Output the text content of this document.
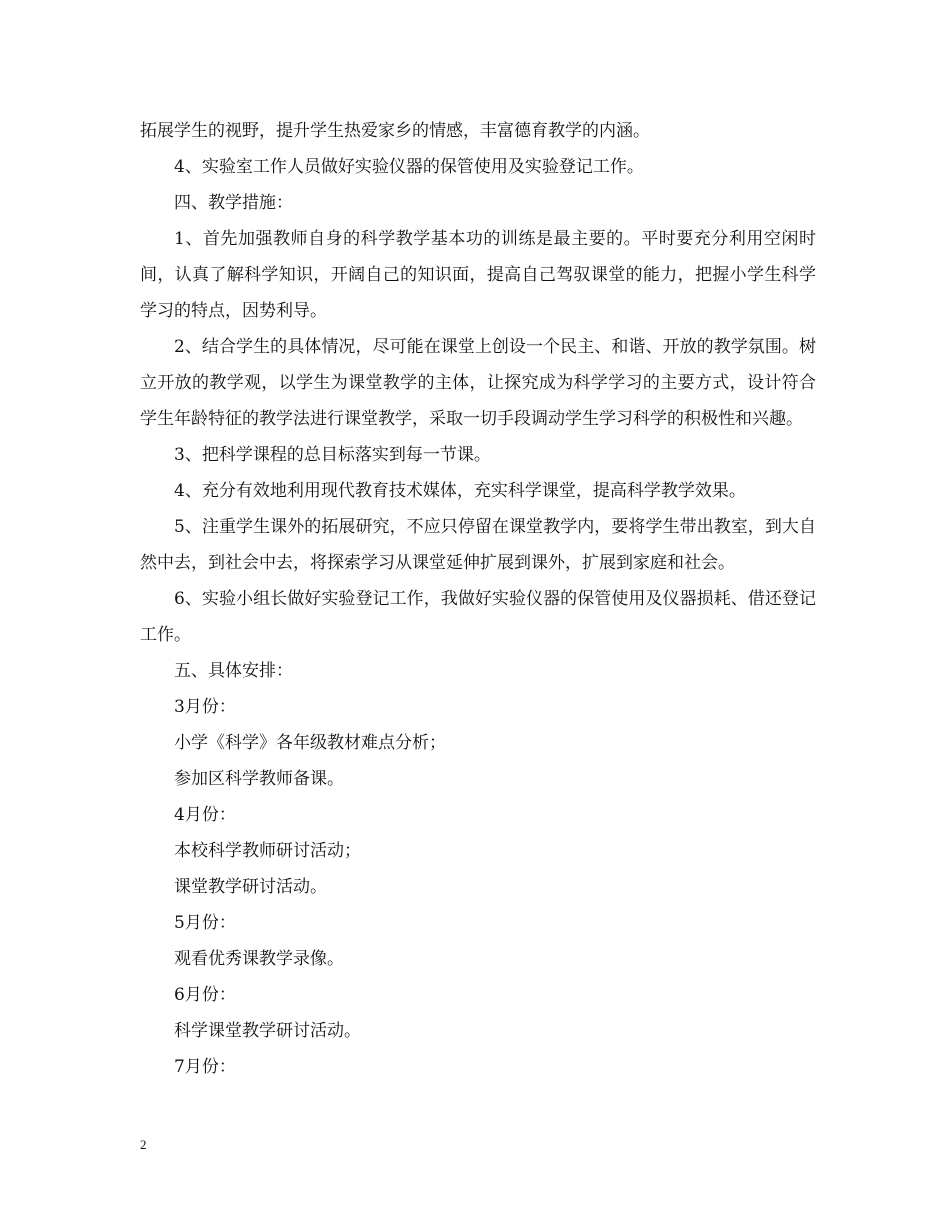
拓展学生的视野，提升学生热爱家乡的情感，丰富德育教学的内涵。

4、实验室工作人员做好实验仪器的保管使用及实验登记工作。

四、教学措施：

1、首先加强教师自身的科学教学基本功的训练是最主要的。平时要充分利用空闲时间，认真了解科学知识，开阔自己的知识面，提高自己驾驭课堂的能力，把握小学生科学学习的特点，因势利导。

2、结合学生的具体情况，尽可能在课堂上创设一个民主、和谐、开放的教学氛围。树立开放的教学观，以学生为课堂教学的主体，让探究成为科学学习的主要方式，设计符合学生年龄特征的教学法进行课堂教学，采取一切手段调动学生学习科学的积极性和兴趣。

3、把科学课程的总目标落实到每一节课。

4、充分有效地利用现代教育技术媒体，充实科学课堂，提高科学教学效果。

5、注重学生课外的拓展研究，不应只停留在课堂教学内，要将学生带出教室，到大自然中去，到社会中去，将探索学习从课堂延伸扩展到课外，扩展到家庭和社会。

6、实验小组长做好实验登记工作，我做好实验仪器的保管使用及仪器损耗、借还登记工作。

五、具体安排：

3月份：

小学《科学》各年级教材难点分析；

参加区科学教师备课。

4月份：

本校科学教师研讨活动；

课堂教学研讨活动。

5月份：

观看优秀课教学录像。

6月份：

科学课堂教学研讨活动。

7月份：

2
